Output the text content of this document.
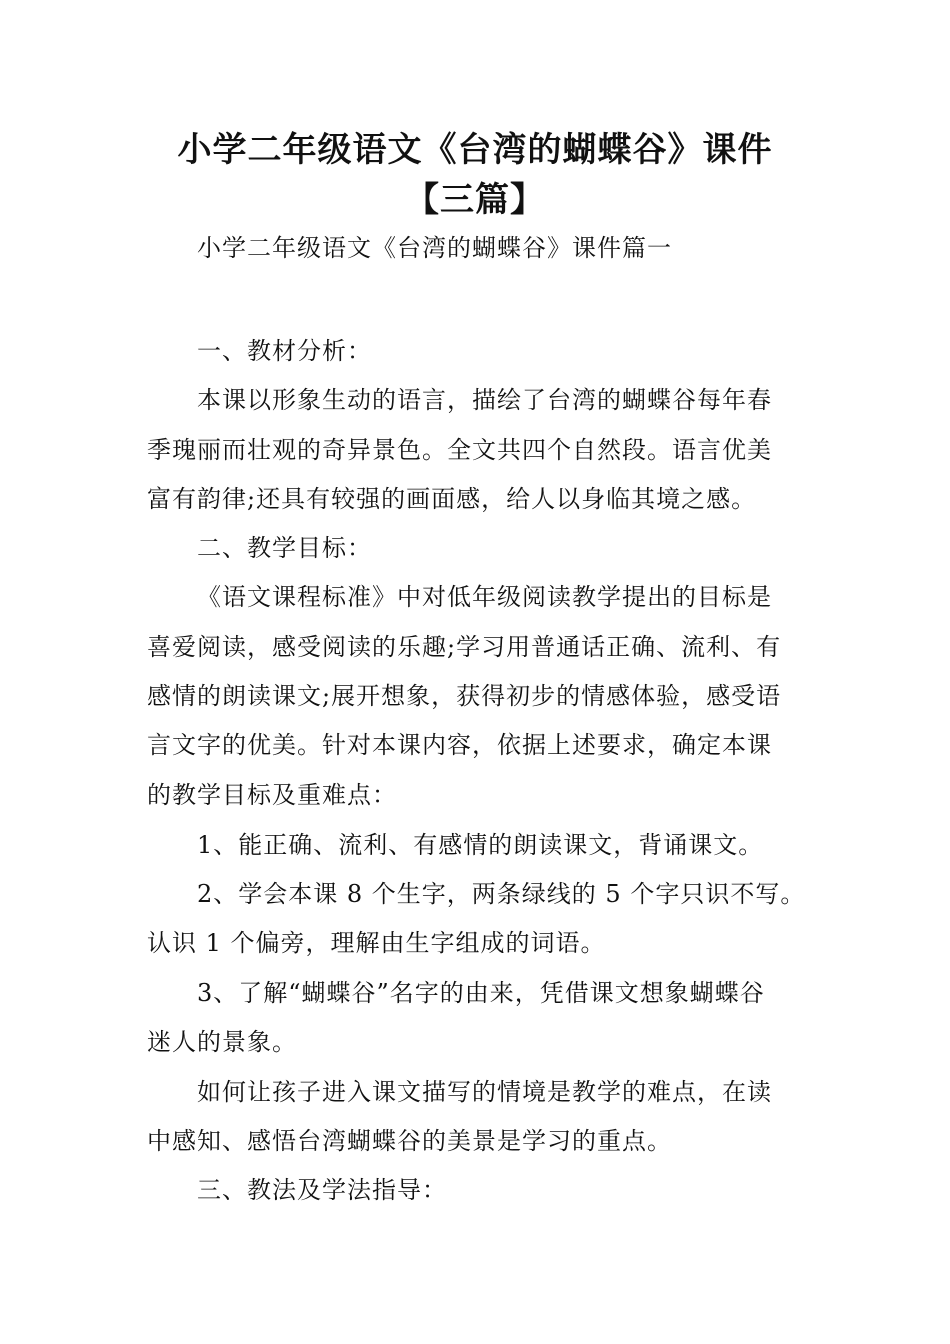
小学二年级语文《台湾的蝴蝶谷》课件
【三篇】
小学二年级语文《台湾的蝴蝶谷》课件篇一
一、教材分析：
本课以形象生动的语言，描绘了台湾的蝴蝶谷每年春
季瑰丽而壮观的奇异景色。全文共四个自然段。语言优美
富有韵律;还具有较强的画面感，给人以身临其境之感。
二、教学目标：
《语文课程标准》中对低年级阅读教学提出的目标是
喜爱阅读，感受阅读的乐趣;学习用普通话正确、流利、有
感情的朗读课文;展开想象，获得初步的情感体验，感受语
言文字的优美。针对本课内容，依据上述要求，确定本课
的教学目标及重难点：
1、能正确、流利、有感情的朗读课文，背诵课文。
2、学会本课 8 个生字，两条绿线的 5 个字只识不写。
认识 1 个偏旁，理解由生字组成的词语。
3、了解“蝴蝶谷”名字的由来，凭借课文想象蝴蝶谷
迷人的景象。
如何让孩子进入课文描写的情境是教学的难点，在读
中感知、感悟台湾蝴蝶谷的美景是学习的重点。
三、教法及学法指导：
